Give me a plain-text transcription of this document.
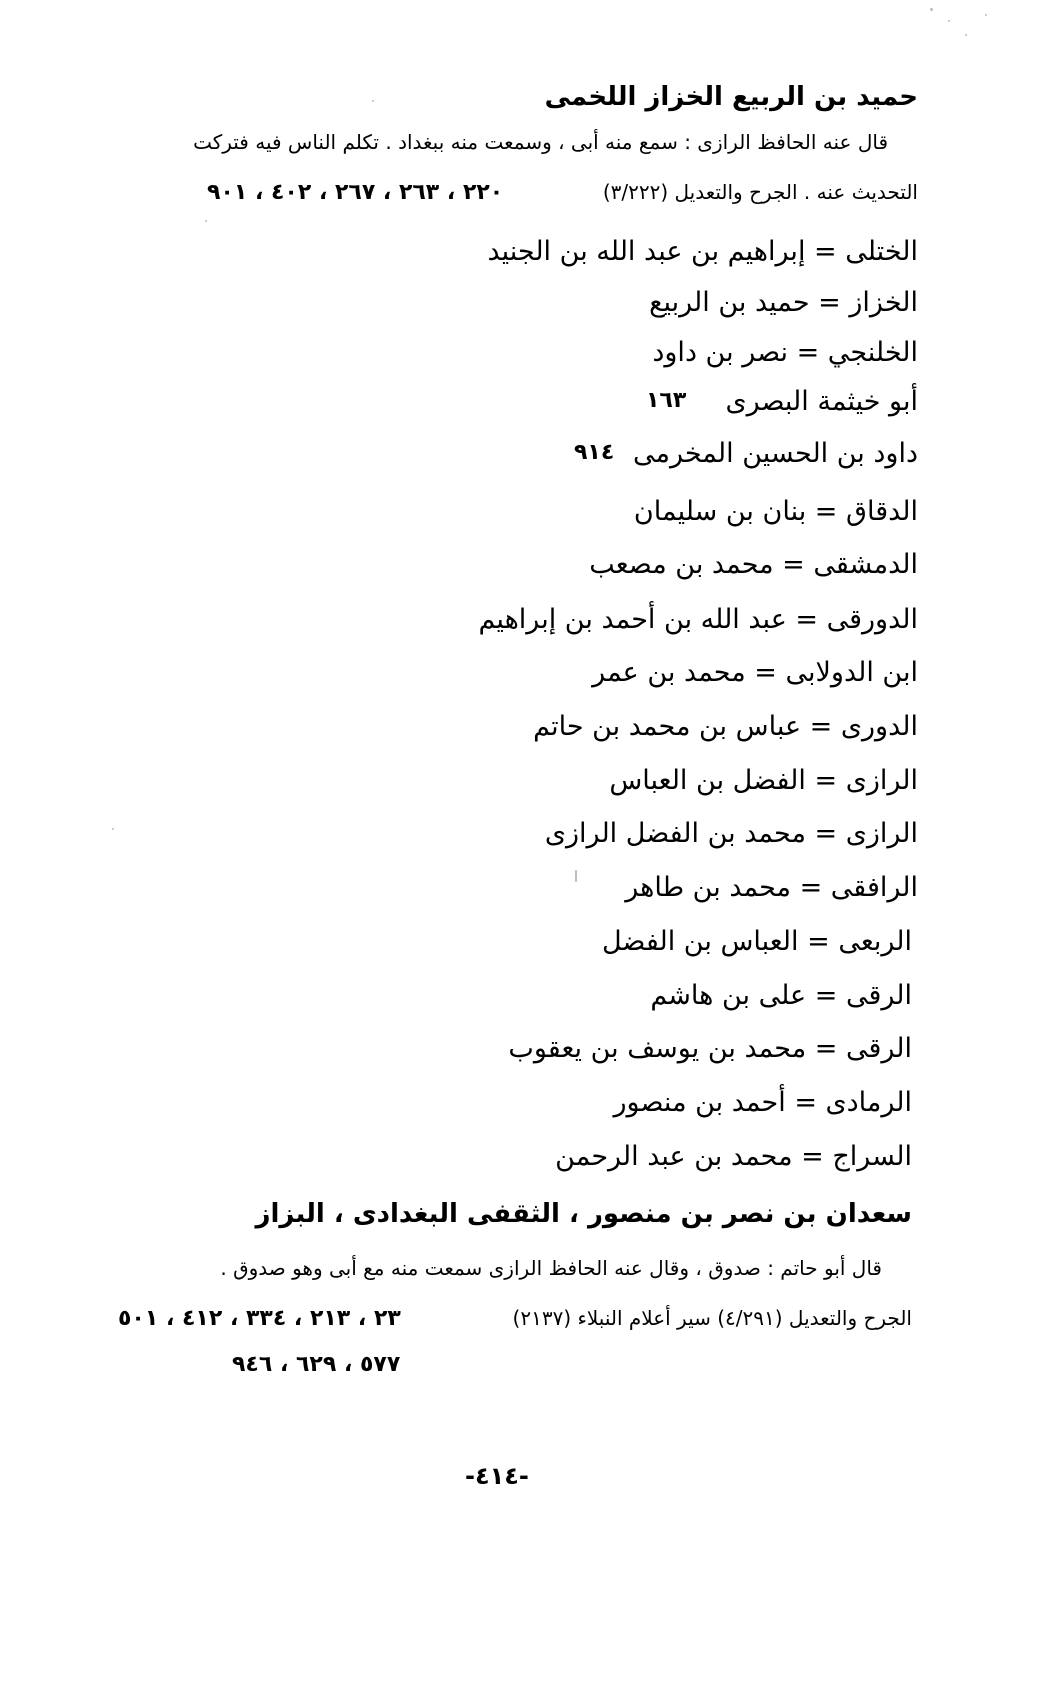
حميد بن الربيع الخزاز اللخمى
قال عنه الحافظ الرازى : سمع منه أبى ، وسمعت منه ببغداد . تكلم الناس فيه فتركت
التحديث عنه . الجرح والتعديل (٣/٢٢٢)
٢٢٠ ، ٢٦٣ ، ٢٦٧ ، ٤٠٢ ، ٩٠١
الختلى = إبراهيم بن عبد الله بن الجنيد
الخزاز = حميد بن الربيع
الخلنجي = نصر بن داود
أبو خيثمة البصرى
١٦٣
داود بن الحسين المخرمى
٩١٤
الدقاق = بنان بن سليمان
الدمشقى = محمد بن مصعب
الدورقى = عبد الله بن أحمد بن إبراهيم
ابن الدولابى = محمد بن عمر
الدورى = عباس بن محمد بن حاتم
الرازى = الفضل بن العباس
الرازى = محمد بن الفضل الرازى
الرافقى = محمد بن طاهر
الربعى = العباس بن الفضل
الرقى = على بن هاشم
الرقى = محمد بن يوسف بن يعقوب
الرمادى = أحمد بن منصور
السراج = محمد بن عبد الرحمن
سعدان بن نصر بن منصور ، الثقفى البغدادى ، البزاز
قال أبو حاتم : صدوق ، وقال عنه الحافظ الرازى سمعت منه مع أبى وهو صدوق .
الجرح والتعديل (٤/٢٩١) سير أعلام النبلاء (٢١٣٧)
٢٣ ، ٢١٣ ، ٣٣٤ ، ٤١٢ ، ٥٠١
٥٧٧ ، ٦٢٩ ، ٩٤٦
-٤١٤-
